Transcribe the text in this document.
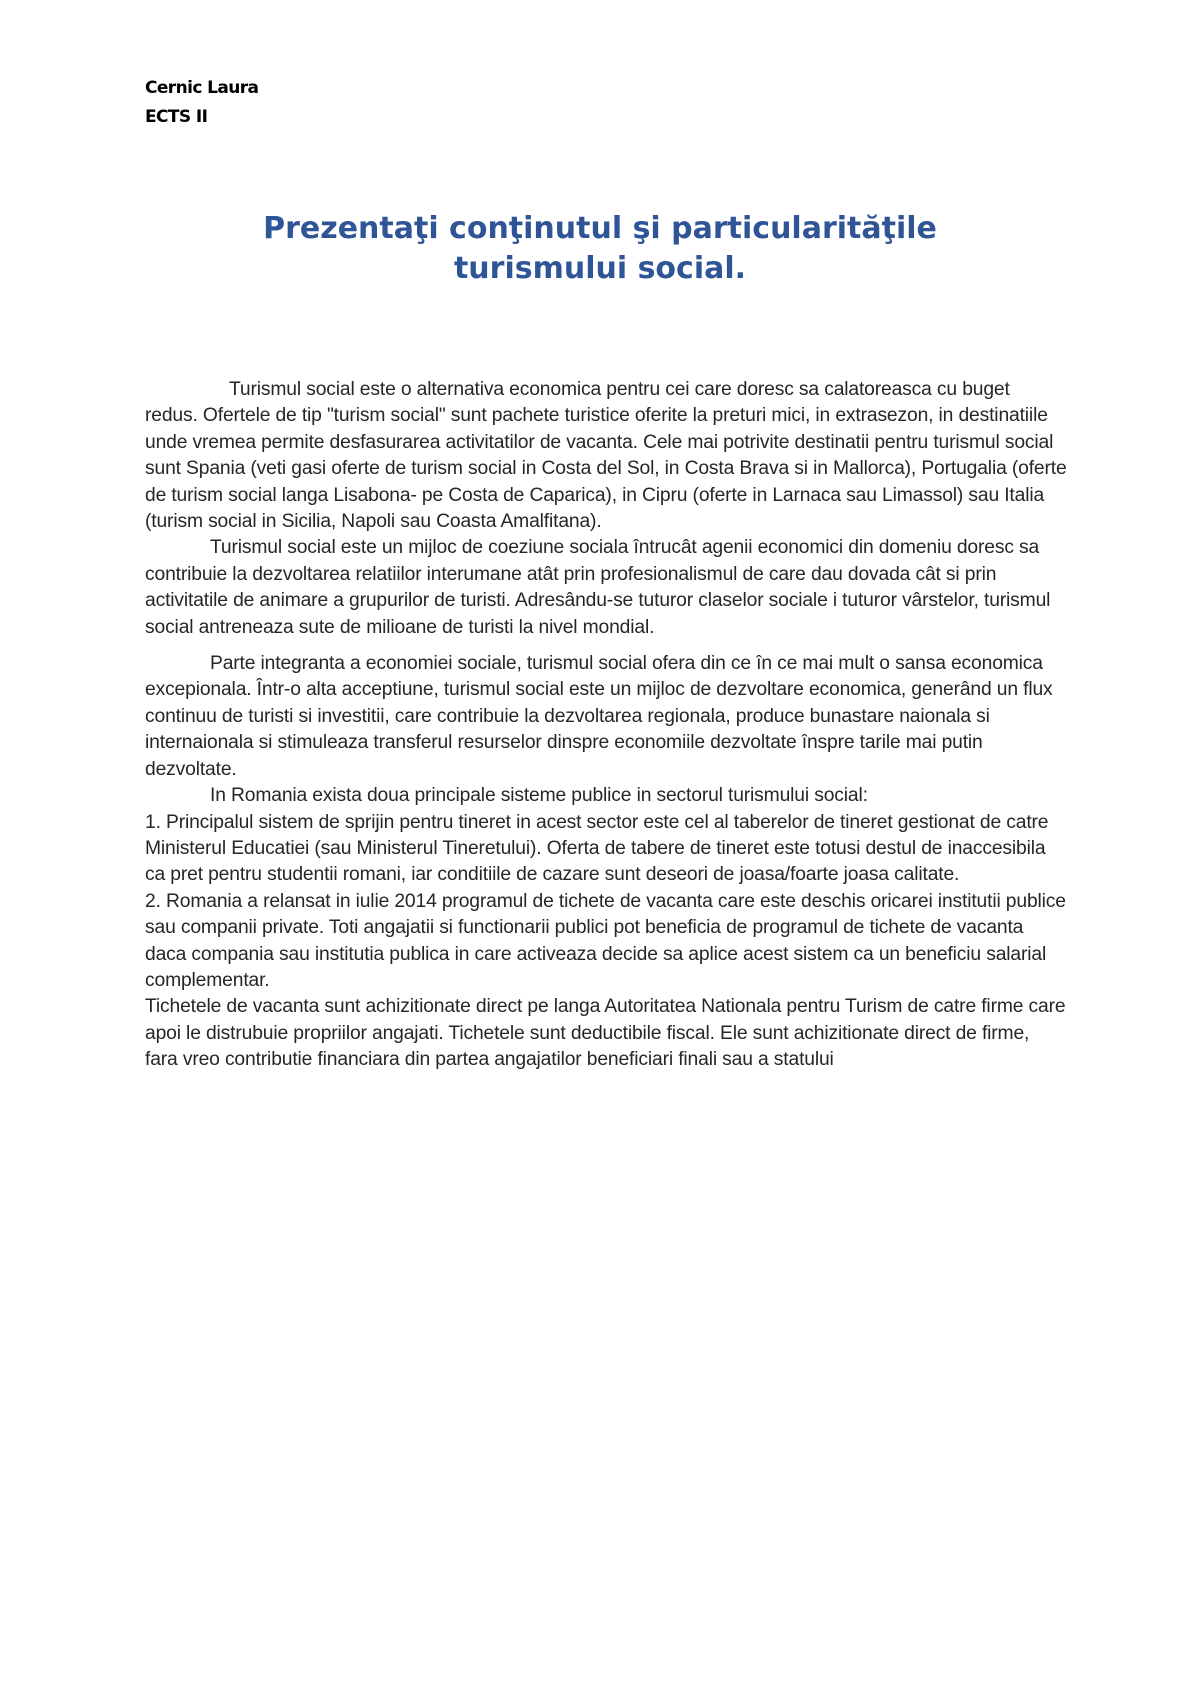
Cernic Laura
ECTS II
Prezentaţi conţinutul şi particularităţile
turismului social.

Turismul social este o alternativa economica pentru cei care doresc sa calatoreasca cu buget redus. Ofertele de tip "turism social" sunt pachete turistice oferite la preturi mici, in extrasezon, in destinatiile unde vremea permite desfasurarea activitatilor de vacanta. Cele mai potrivite destinatii pentru turismul social sunt Spania (veti gasi oferte de turism social in Costa del Sol, in Costa Brava si in Mallorca), Portugalia (oferte de turism social langa Lisabona- pe Costa de Caparica), in Cipru (oferte in Larnaca sau Limassol) sau Italia (turism social in Sicilia, Napoli sau Coasta Amalfitana).

Turismul social este un mijloc de coeziune sociala întrucât agenii economici din domeniu doresc sa contribuie la dezvoltarea relatiilor interumane atât prin profesionalismul de care dau dovada cât si prin activitatile de animare a grupurilor de turisti. Adresându-se tuturor claselor sociale i tuturor vârstelor, turismul social antreneaza sute de milioane de turisti la nivel mondial.

Parte integranta a economiei sociale, turismul social ofera din ce în ce mai mult o sansa economica excepionala. Într-o alta acceptiune, turismul social este un mijloc de dezvoltare economica, generând un flux continuu de turisti si investitii, care contribuie la dezvoltarea regionala, produce bunastare naionala si internaionala si stimuleaza transferul resurselor dinspre economiile dezvoltate înspre tarile mai putin dezvoltate.

In Romania exista doua principale sisteme publice in sectorul turismului social:

1. Principalul sistem de sprijin pentru tineret in acest sector este cel al taberelor de tineret gestionat de catre Ministerul Educatiei (sau Ministerul Tineretului). Oferta de tabere de tineret este totusi destul de inaccesibila ca pret pentru studentii romani, iar conditiile de cazare sunt deseori de joasa/foarte joasa calitate.

2. Romania a relansat in iulie 2014 programul de tichete de vacanta care este deschis oricarei institutii publice sau companii private. Toti angajatii si functionarii publici pot beneficia de programul de tichete de vacanta daca compania sau institutia publica in care activeaza decide sa aplice acest sistem ca un beneficiu salarial complementar.

Tichetele de vacanta sunt achizitionate direct pe langa Autoritatea Nationala pentru Turism de catre firme care apoi le distrubuie propriilor angajati. Tichetele sunt deductibile fiscal. Ele sunt achizitionate direct de firme, fara vreo contributie financiara din partea angajatilor beneficiari finali sau a statului
